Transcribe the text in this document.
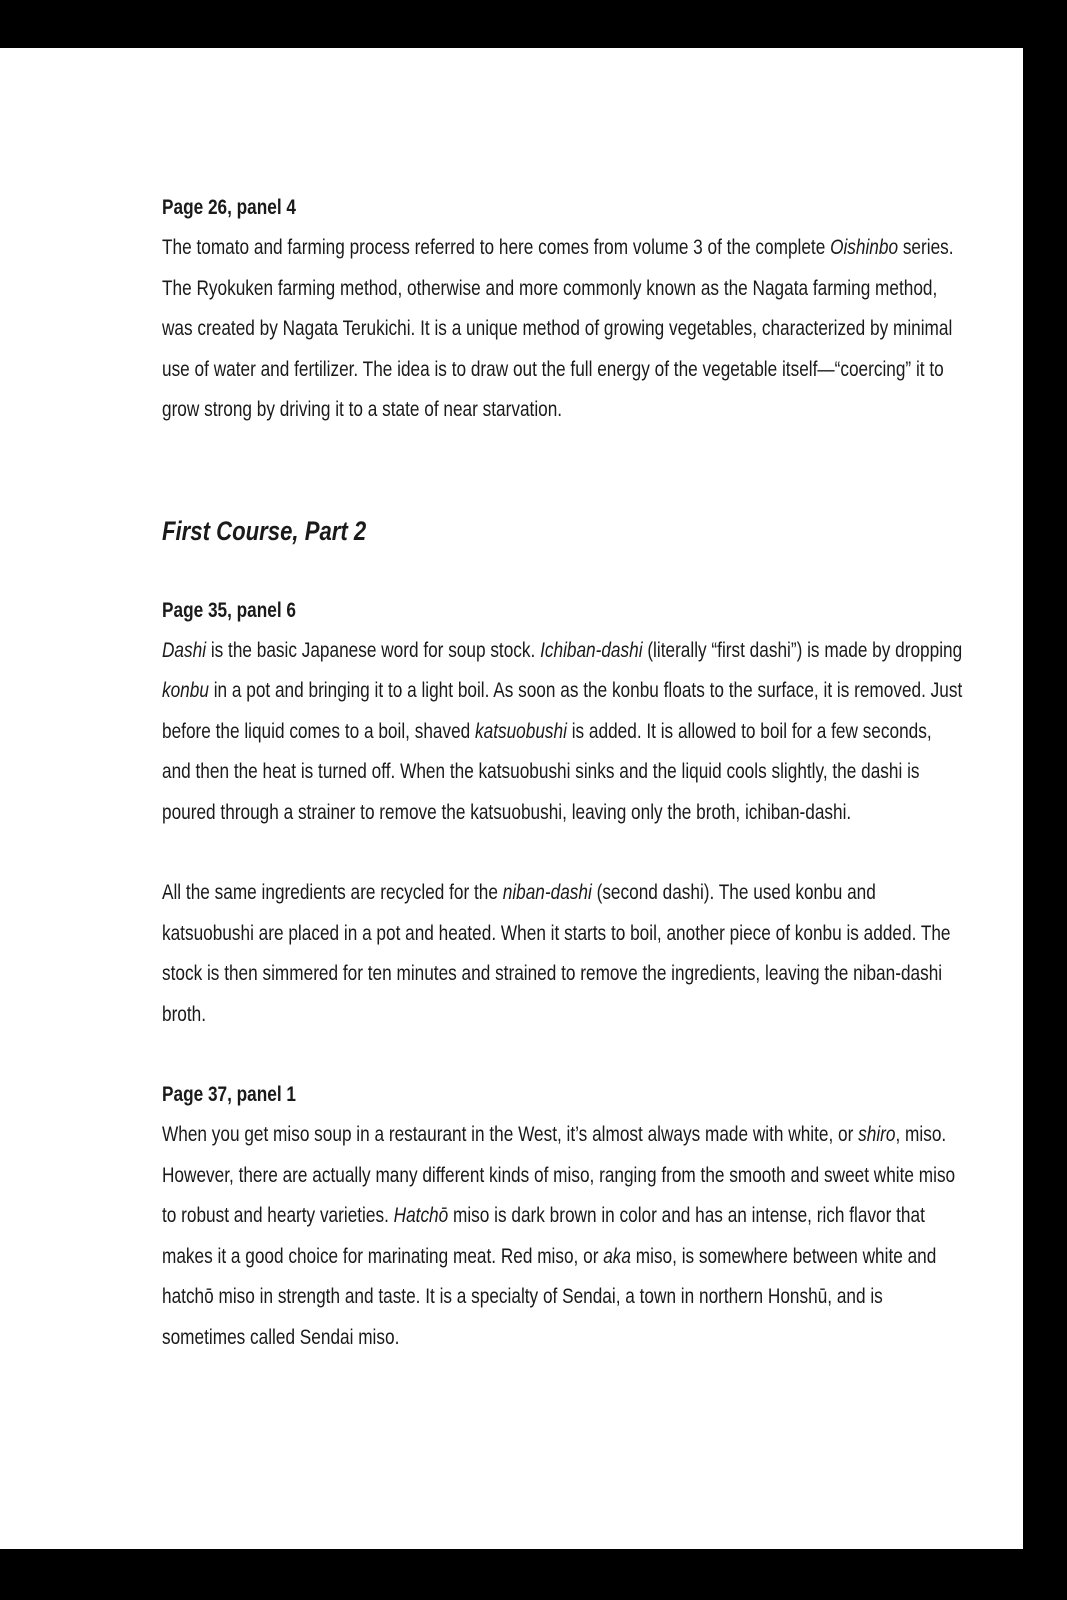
Page 26, panel 4

The tomato and farming process referred to here comes from volume 3 of the complete Oishinbo series. The Ryokuken farming method, otherwise and more commonly known as the Nagata farming method, was created by Nagata Terukichi. It is a unique method of growing vegetables, characterized by minimal use of water and fertilizer. The idea is to draw out the full energy of the vegetable itself—“coercing” it to grow strong by driving it to a state of near starvation.

First Course, Part 2
Page 35, panel 6

Dashi is the basic Japanese word for soup stock. Ichiban-dashi (literally “first dashi”) is made by dropping konbu in a pot and bringing it to a light boil. As soon as the konbu floats to the surface, it is removed. Just before the liquid comes to a boil, shaved katsuobushi is added. It is allowed to boil for a few seconds, and then the heat is turned off. When the katsuobushi sinks and the liquid cools slightly, the dashi is poured through a strainer to remove the katsuobushi, leaving only the broth, ichiban-dashi.

All the same ingredients are recycled for the niban-dashi (second dashi). The used konbu and katsuobushi are placed in a pot and heated. When it starts to boil, another piece of konbu is added. The stock is then simmered for ten minutes and strained to remove the ingredients, leaving the niban-dashi broth.

Page 37, panel 1

When you get miso soup in a restaurant in the West, it’s almost always made with white, or shiro, miso. However, there are actually many different kinds of miso, ranging from the smooth and sweet white miso to robust and hearty varieties. Hatchō miso is dark brown in color and has an intense, rich flavor that makes it a good choice for marinating meat. Red miso, or aka miso, is somewhere between white and hatchō miso in strength and taste. It is a specialty of Sendai, a town in northern Honshū, and is sometimes called Sendai miso.
